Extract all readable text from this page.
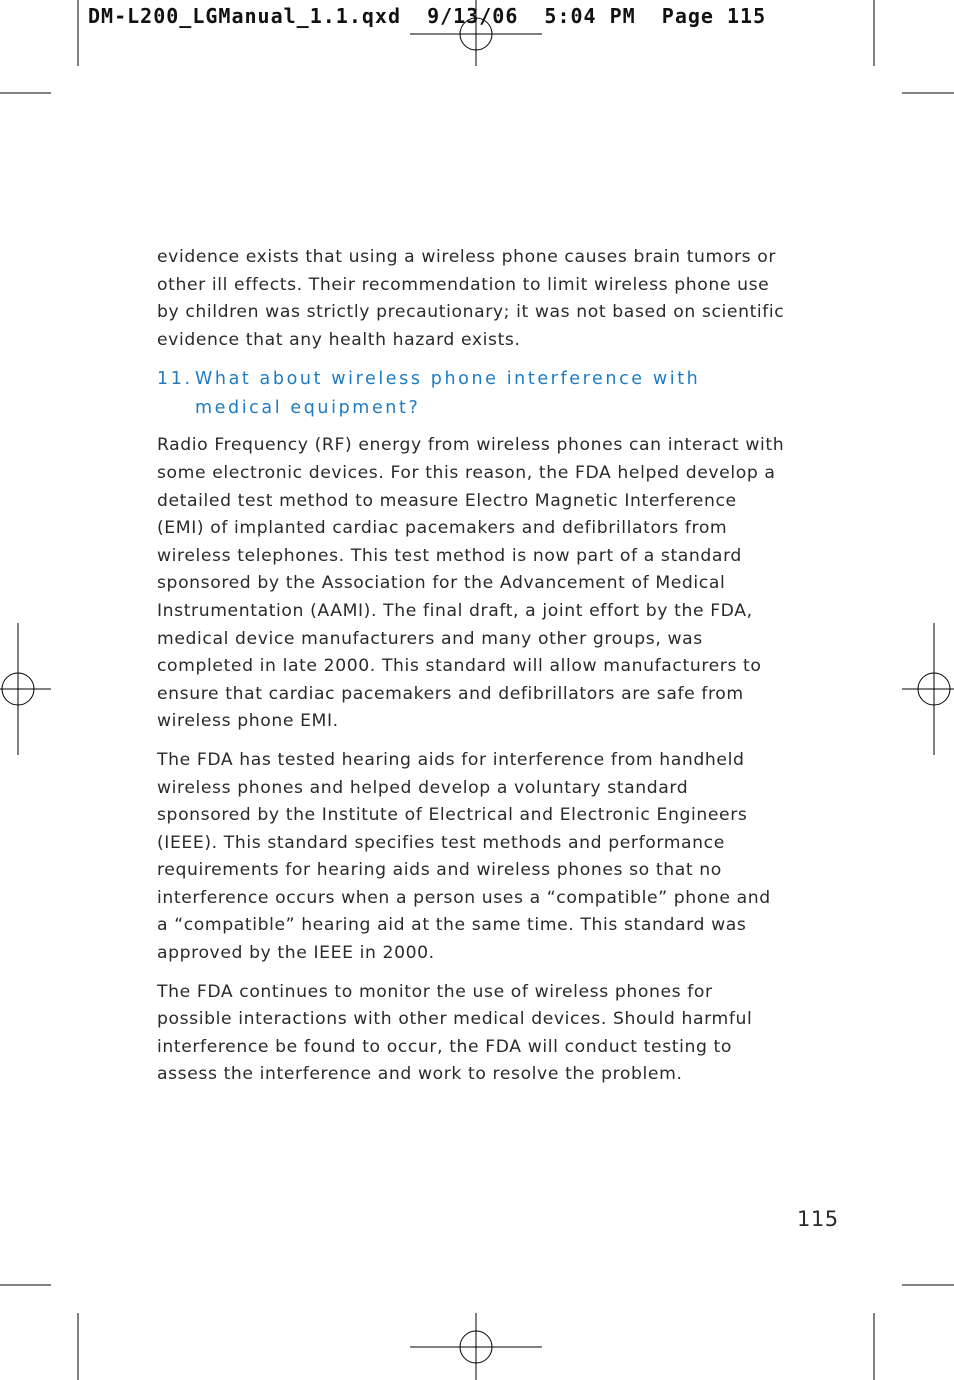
DM-L200_LGManual_1.1.qxd  9/13/06  5:04 PM  Page 115

evidence exists that using a wireless phone causes brain tumors or other ill effects. Their recommendation to limit wireless phone use by children was strictly precautionary; it was not based on scientific evidence that any health hazard exists.

11. What about wireless phone interference with medical equipment?

Radio Frequency (RF) energy from wireless phones can interact with some electronic devices. For this reason, the FDA helped develop a detailed test method to measure Electro Magnetic Interference (EMI) of implanted cardiac pacemakers and defibrillators from wireless telephones. This test method is now part of a standard sponsored by the Association for the Advancement of Medical Instrumentation (AAMI). The final draft, a joint effort by the FDA, medical device manufacturers and many other groups, was completed in late 2000. This standard will allow manufacturers to ensure that cardiac pacemakers and defibrillators are safe from wireless phone EMI.

The FDA has tested hearing aids for interference from handheld wireless phones and helped develop a voluntary standard sponsored by the Institute of Electrical and Electronic Engineers (IEEE). This standard specifies test methods and performance requirements for hearing aids and wireless phones so that no interference occurs when a person uses a “compatible” phone and a “compatible” hearing aid at the same time. This standard was approved by the IEEE in 2000.

The FDA continues to monitor the use of wireless phones for possible interactions with other medical devices. Should harmful interference be found to occur, the FDA will conduct testing to assess the interference and work to resolve the problem.

115
